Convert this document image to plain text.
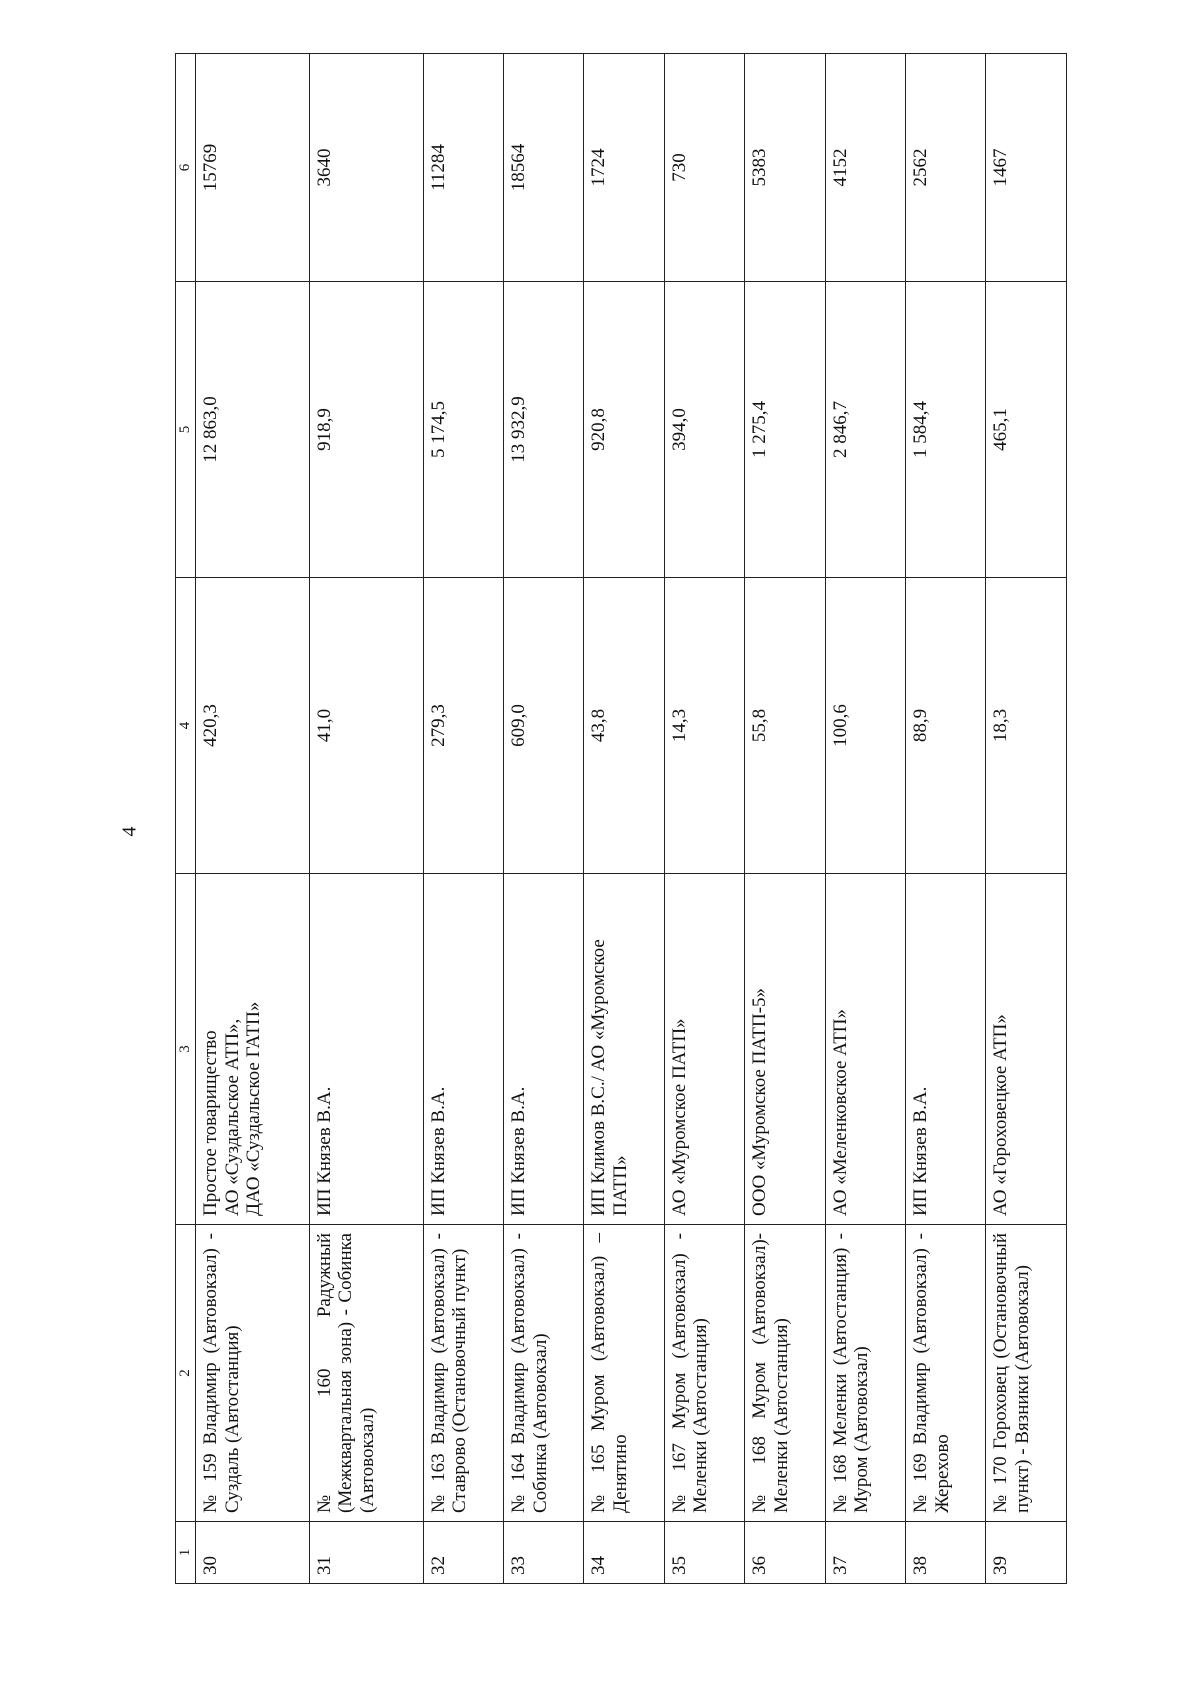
4
1	2	3	4	5	6
30	№ 159 Владимир (Автовокзал) - Суздаль (Автостанция)	Простое товарищество АО «Суздальское АТП», ДАО «Суздальское ГАТП»	420,3	12 863,0	15769
31	№ 160 Радужный (Межквартальная зона) - Собинка (Автовокзал)	ИП Князев В.А.	41,0	918,9	3640
32	№ 163 Владимир (Автовокзал) - Ставрово (Остановочный пункт)	ИП Князев В.А.	279,3	5 174,5	11284
33	№ 164 Владимир (Автовокзал) - Собинка (Автовокзал)	ИП Князев В.А.	609,0	13 932,9	18564
34	№ 165 Муром (Автовокзал) – Денятино	ИП Климов В.С./ АО «Муромское ПАТП»	43,8	920,8	1724
35	№ 167 Муром (Автовокзал) - Меленки (Автостанция)	АО «Муромское ПАТП»	14,3	394,0	730
36	№ 168 Муром (Автовокзал)- Меленки (Автостанция)	ООО «Муромское ПАТП-5»	55,8	1 275,4	5383
37	№ 168 Меленки (Автостанция) - Муром (Автовокзал)	АО «Меленковское АТП»	100,6	2 846,7	4152
38	№ 169 Владимир (Автовокзал) - Жерехово	ИП Князев В.А.	88,9	1 584,4	2562
39	№ 170 Гороховец (Остановочный пункт) - Вязники (Автовокзал)	АО «Гороховецкое АТП»	18,3	465,1	1467
